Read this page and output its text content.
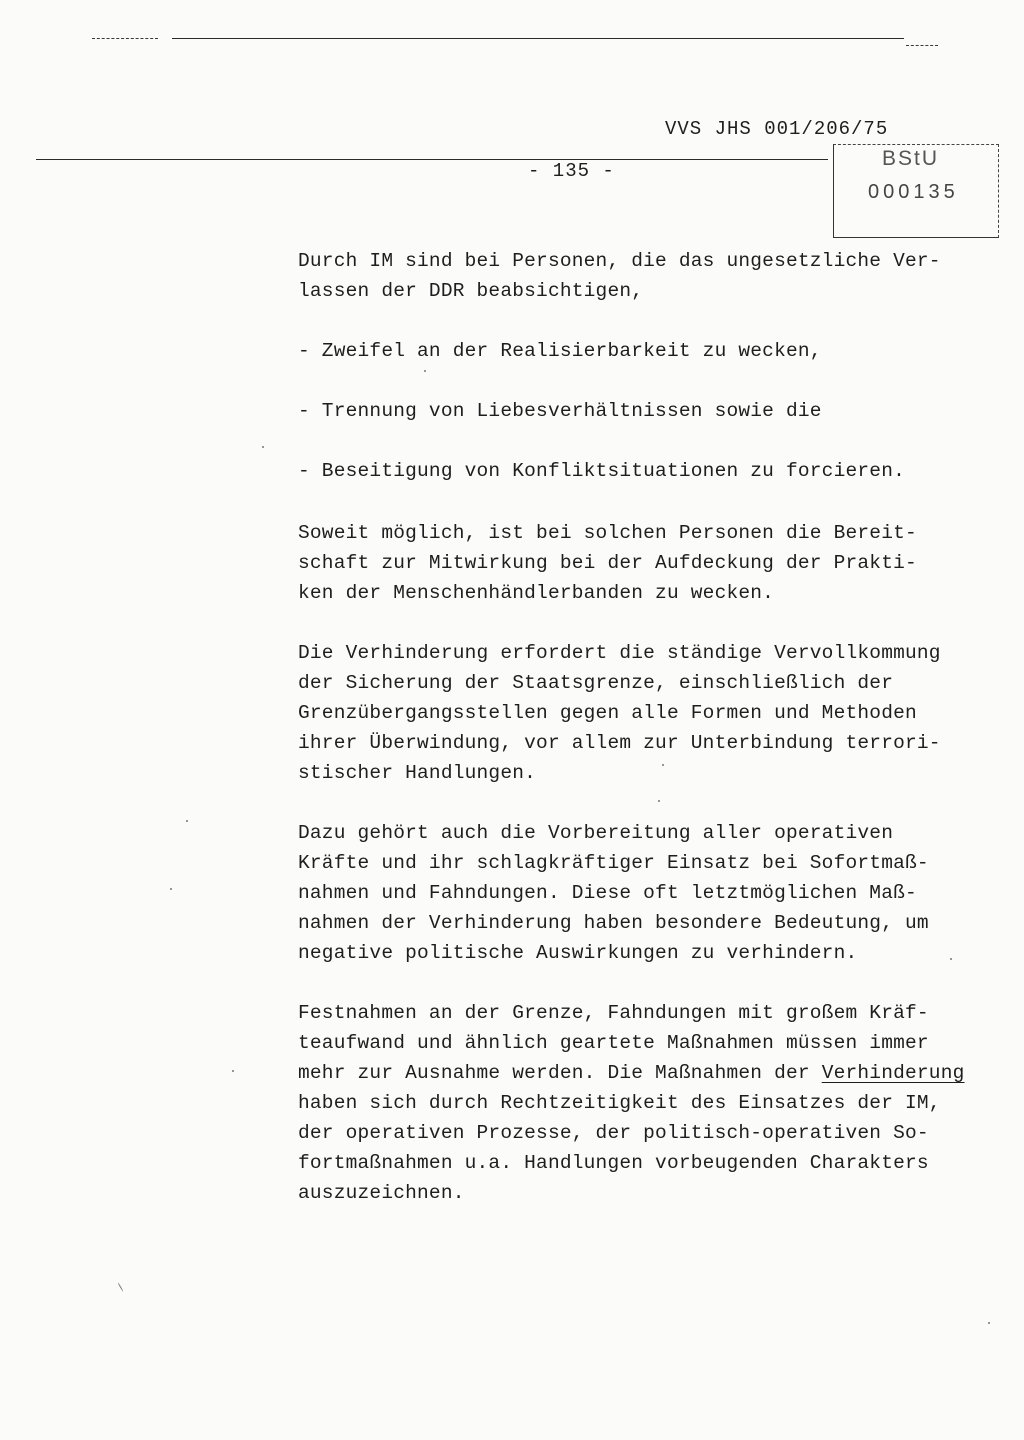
VVS JHS 001/206/75
- 135 -
BStU
000135
Durch IM sind bei Personen, die das ungesetzliche Ver-
lassen der DDR beabsichtigen,
- Zweifel an der Realisierbarkeit zu wecken,
- Trennung von Liebesverhältnissen sowie die
- Beseitigung von Konfliktsituationen zu forcieren.
Soweit möglich, ist bei solchen Personen die Bereit-
schaft zur Mitwirkung bei der Aufdeckung der Prakti-
ken der Menschenhändlerbanden zu wecken.
Die Verhinderung erfordert die ständige Vervollkommung
der Sicherung der Staatsgrenze, einschließlich der
Grenzübergangsstellen gegen alle Formen und Methoden
ihrer Überwindung, vor allem zur Unterbindung terrori-
stischer Handlungen.
Dazu gehört auch die Vorbereitung aller operativen
Kräfte und ihr schlagkräftiger Einsatz bei Sofortmaß-
nahmen und Fahndungen. Diese oft letztmöglichen Maß-
nahmen der Verhinderung haben besondere Bedeutung, um
negative politische Auswirkungen zu verhindern.
Festnahmen an der Grenze, Fahndungen mit großem Kräf-
teaufwand und ähnlich geartete Maßnahmen müssen immer
mehr zur Ausnahme werden. Die Maßnahmen der Verhinderung
haben sich durch Rechtzeitigkeit des Einsatzes der IM,
der operativen Prozesse, der politisch-operativen So-
fortmaßnahmen u.a. Handlungen vorbeugenden Charakters
auszuzeichnen.
